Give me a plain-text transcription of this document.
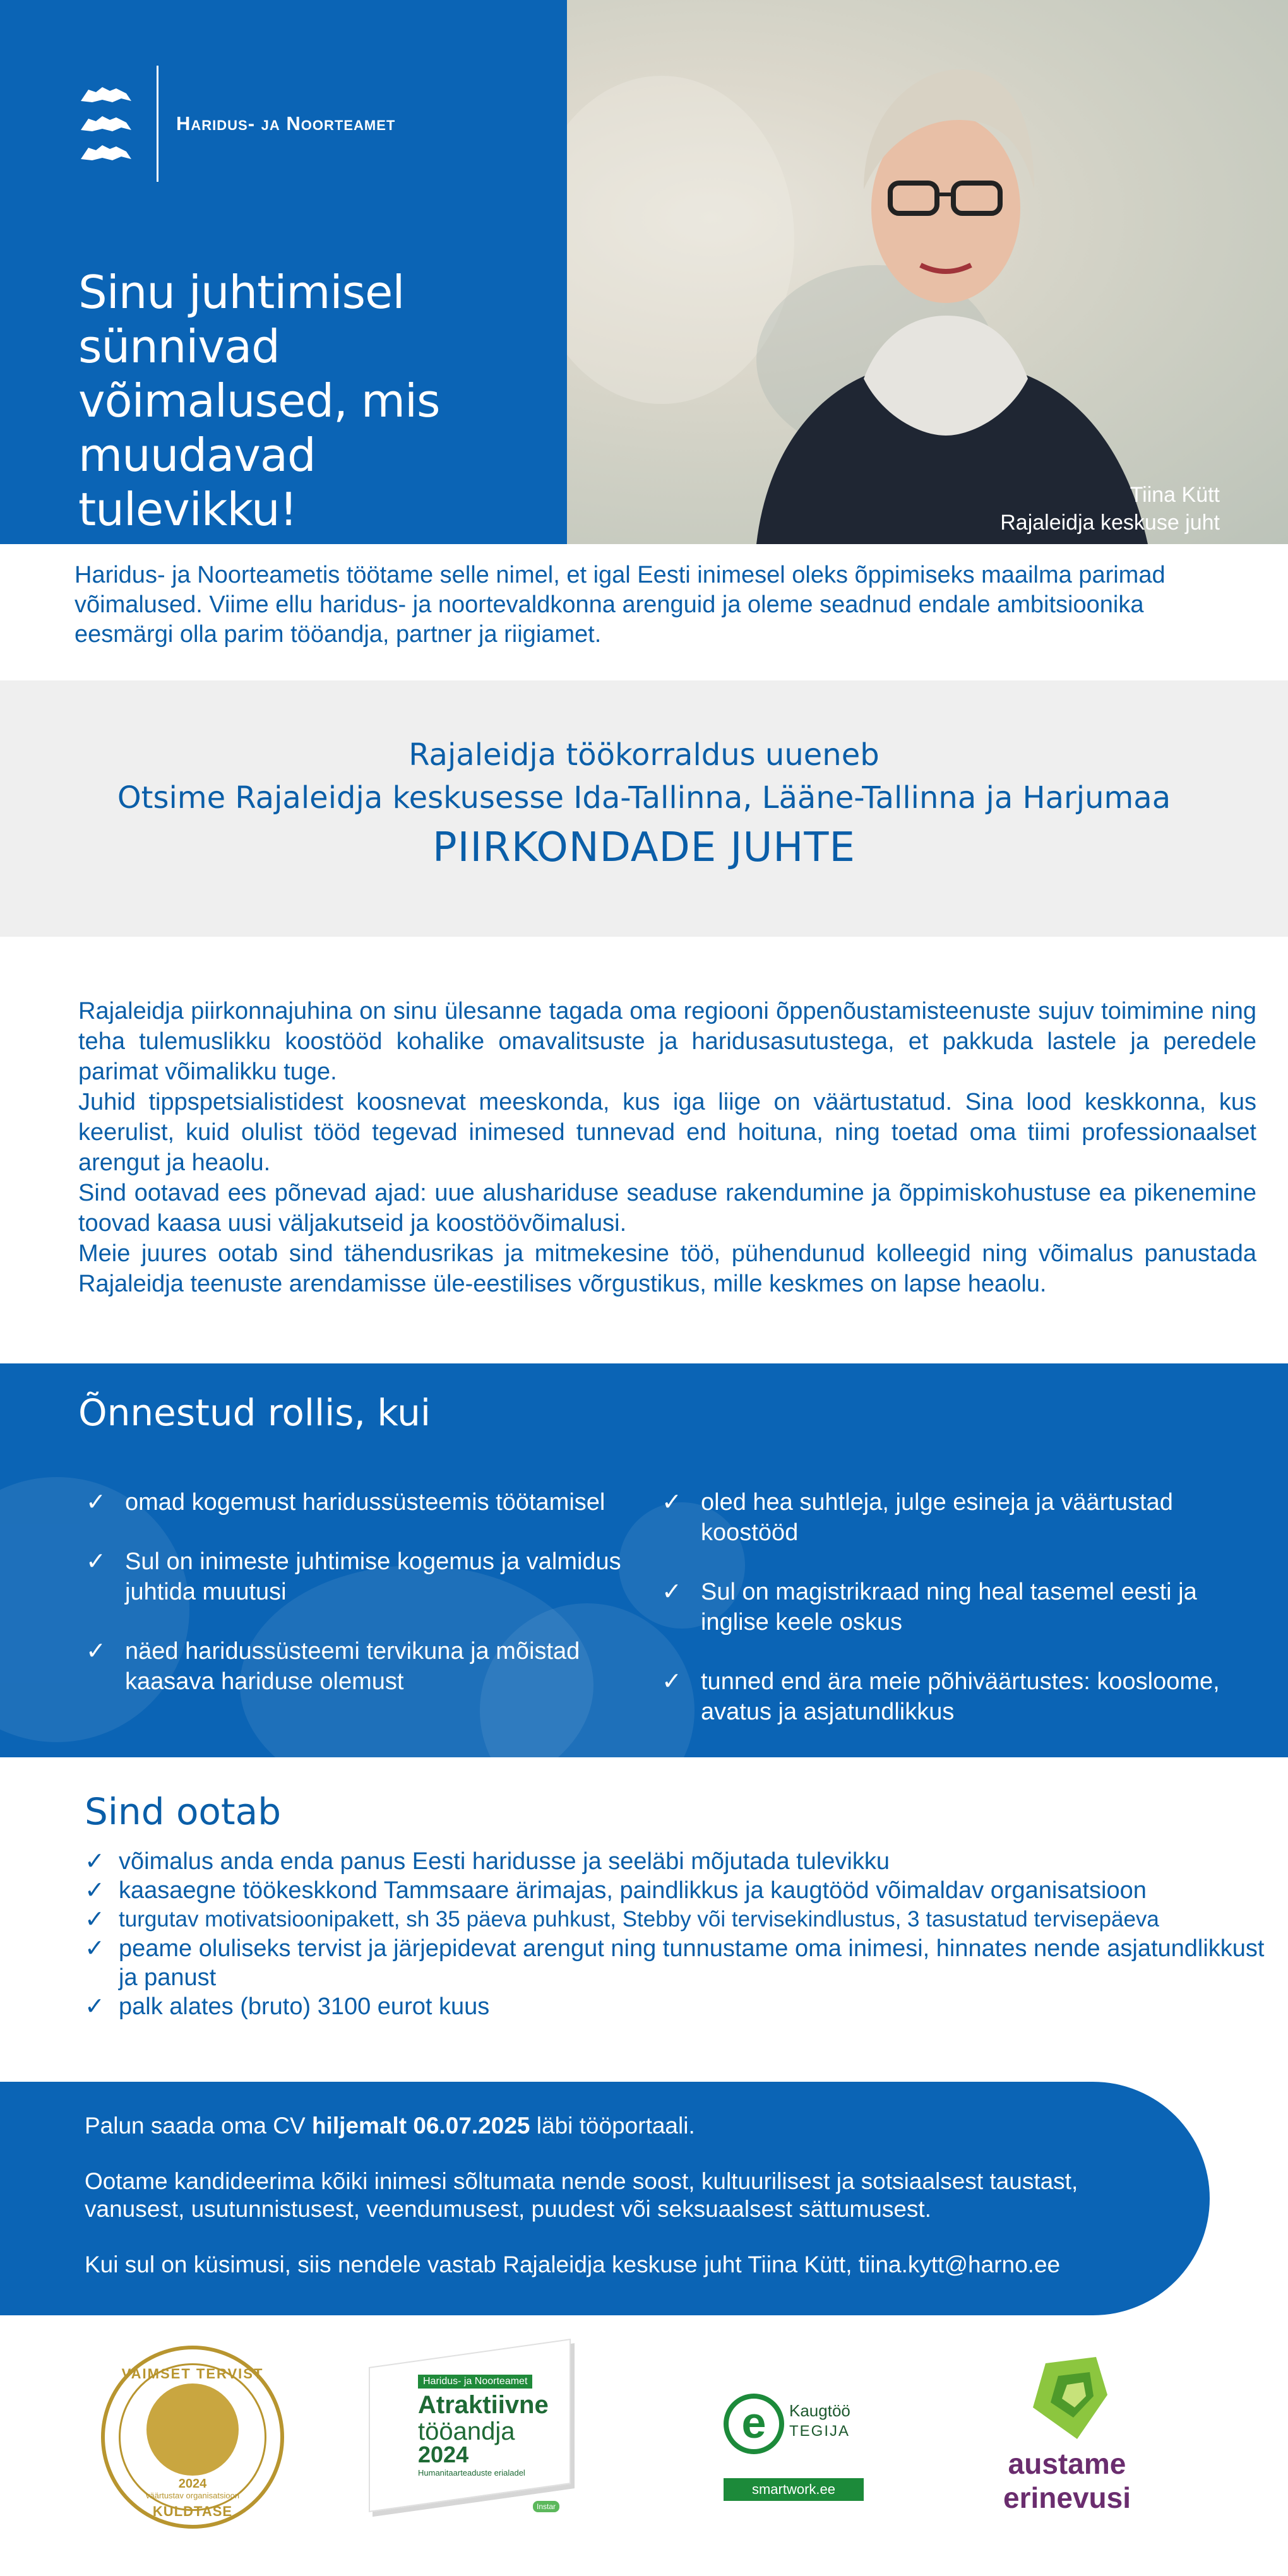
Haridus- ja Noorteamet
Sinu juhtimisel sünnivad võimalused, mis muudavad tulevikku!	Tiina Kütt
Rajaleidja keskuse juht
Haridus- ja Noorteametis töötame selle nimel, et igal Eesti inimesel oleks õppimiseks maailma parimad võimalused. Viime ellu haridus- ja noortevaldkonna arenguid ja oleme seadnud endale ambitsioonika eesmärgi olla parim tööandja, partner ja riigiamet.
Rajaleidja töökorraldus uueneb
Otsime Rajaleidja keskusesse Ida-Tallinna, Lääne-Tallinna ja Harjumaa
PIIRKONDADE JUHTE

Rajaleidja piirkonnajuhina on sinu ülesanne tagada oma regiooni õppenõustamisteenuste sujuv toimimine ning teha tulemuslikku koostööd kohalike omavalitsuste ja haridusasutustega, et pakkuda lastele ja peredele parimat võimalikku tuge.

Juhid tippspetsialistidest koosnevat meeskonda, kus iga liige on väärtustatud. Sina lood keskkonna, kus keerulist, kuid olulist tööd tegevad inimesed tunnevad end hoituna, ning toetad oma tiimi professionaalset arengut ja heaolu.

Sind ootavad ees põnevad ajad: uue alushariduse seaduse rakendumine ja õppimiskohustuse ea pikenemine toovad kaasa uusi väljakutseid ja koostöövõimalusi.

Meie juures ootab sind tähendusrikas ja mitmekesine töö, pühendunud kolleegid ning võimalus panustada Rajaleidja teenuste arendamisse üle-eestilises võrgustikus, mille keskmes on lapse heaolu.

Õnnestud rollis, kui
✓ omad kogemust haridussüsteemis töötamisel
✓ Sul on inimeste juhtimise kogemus ja valmidus juhtida muutusi
✓ näed haridussüsteemi tervikuna ja mõistad kaasava hariduse olemust
✓ oled hea suhtleja, julge esineja ja väärtustad koostööd
✓ Sul on magistrikraad ning heal tasemel eesti ja inglise keele oskus
✓ tunned end ära meie põhiväärtustes: koosloome, avatus ja asjatundlikkus
Sind ootab
✓ võimalus anda enda panus Eesti haridusse ja seeläbi mõjutada tulevikku
✓ kaasaegne töökeskkond Tammsaare ärimajas, paindlikkus ja kaugtööd võimaldav organisatsioon
✓ turgutav motivatsioonipakett, sh 35 päeva puhkust, Stebby või tervisekindlustus, 3 tasustatud tervisepäeva
✓ peame oluliseks tervist ja järjepidevat arengut ning tunnustame oma inimesi, hinnates nende asjatundlikkust ja panust
✓ palk alates (bruto) 3100 eurot kuus

Palun saada oma CV hiljemalt 06.07.2025 läbi tööportaali.

Ootame kandideerima kõiki inimesi sõltumata nende soost, kultuurilisest ja sotsiaalsest taustast, vanusest, usutunnistusest, veendumusest, puudest või seksuaalsest sättumusest.

Kui sul on küsimusi, siis nendele vastab Rajaleidja keskuse juht Tiina Kütt, tiina.kytt@harno.ee

VAIMSET TERVIST
2024
väärtustav organisatsioon
KULDTASE
Haridus- ja Noorteamet
Atraktiivne
tööandja
2024
Humanitaarteaduste erialadel
Instar
e	Kaugtöö
TEGIJA
smartwork.ee
austame
erinevusi
